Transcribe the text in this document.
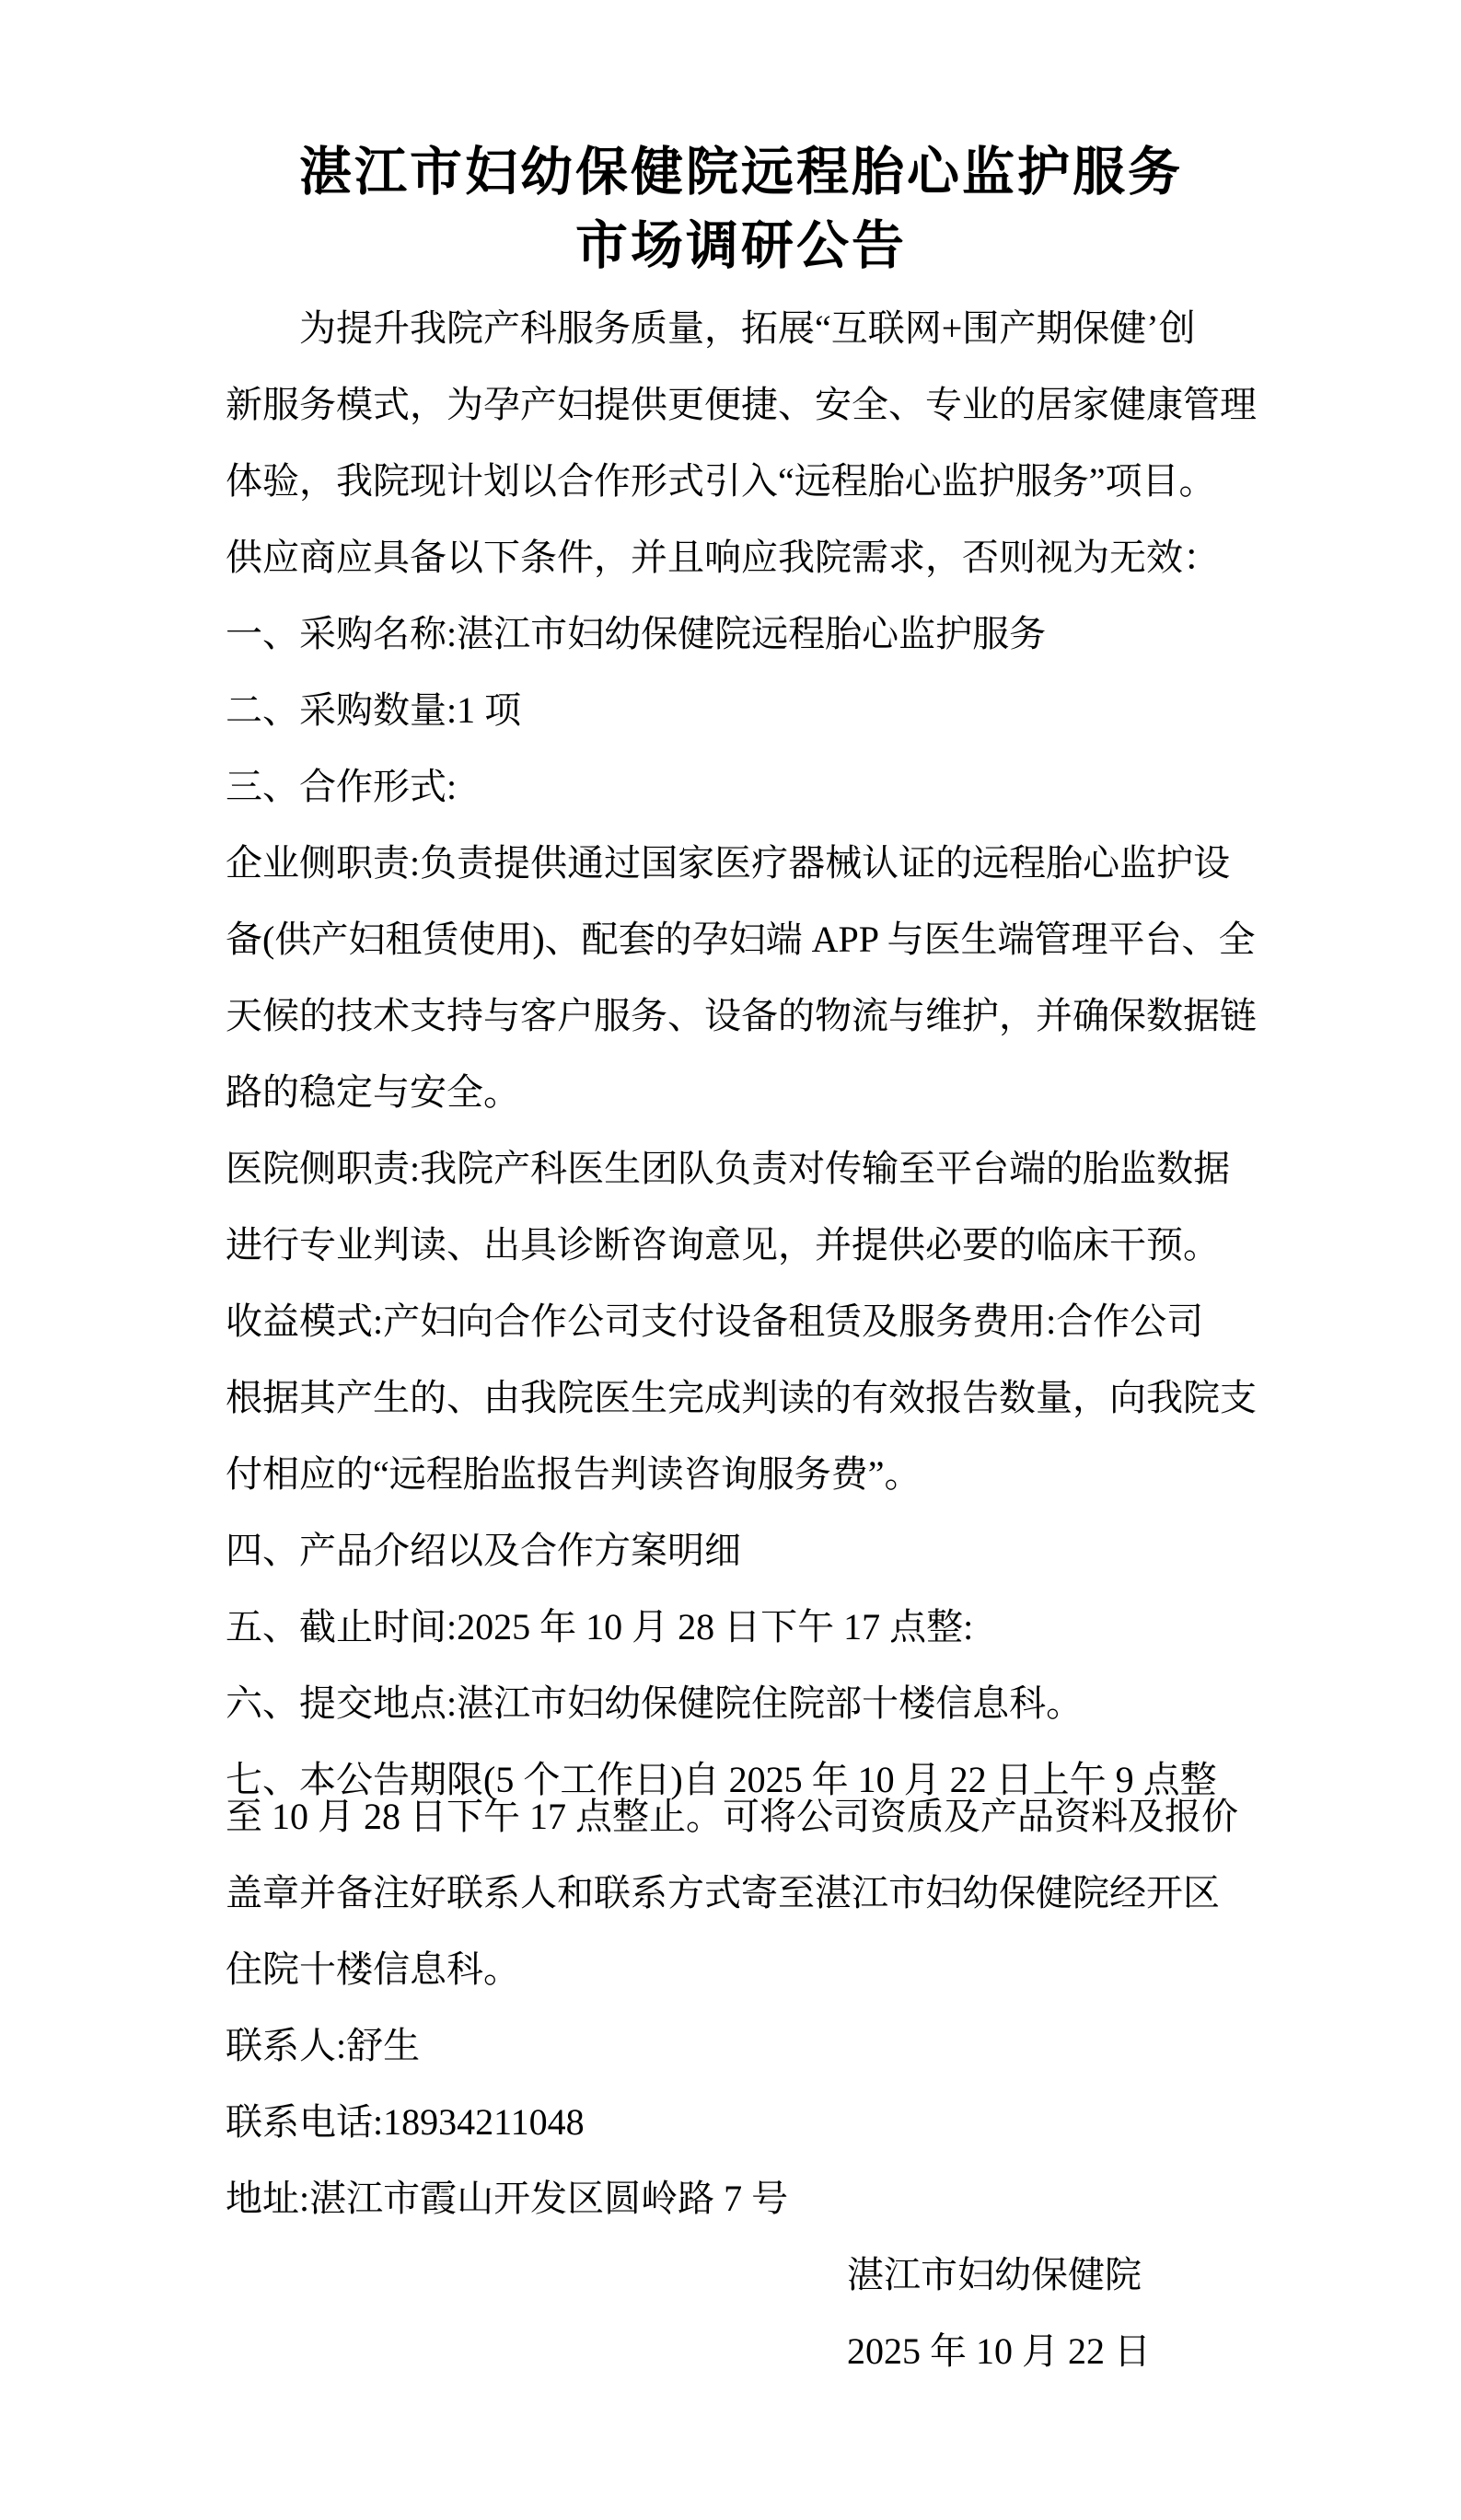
湛江市妇幼保健院远程胎心监护服务
市场调研公告
为提升我院产科服务质量，拓展“互联网+围产期保健’创
新服务模式，为孕产妇提供更便捷、安全、专业的居家健康管理
体验，我院现计划以合作形式引入“远程胎心监护服务”项目。
供应商应具备以下条件，并且响应我院需求，否则视为无效：
一、采购名称:湛江市妇幼保健院远程胎心监护服务
二、采购数量:1 项
三、合作形式:
企业侧职责:负责提供通过国家医疗器械认证的远程胎心监护设
备(供产妇租赁使用)、配套的孕妇端 APP 与医生端管理平台、全
天候的技术支持与客户服务、设备的物流与维护，并确保数据链
路的稳定与安全。
医院侧职责:我院产科医生团队负责对传输至平台端的胎监数据
进行专业判读、出具诊断咨询意见，并提供必要的临床干预。
收益模式:产妇向合作公司支付设备租赁及服务费用:合作公司
根据其产生的、由我院医生完成判读的有效报告数量，向我院支
付相应的“远程胎监报告判读咨询服务费”。
四、产品介绍以及合作方案明细
五、截止时间:2025 年 10 月 28 日下午 17 点整:
六、提交地点:湛江市妇幼保健院住院部十楼信息科。
七、本公告期限(5 个工作日)自 2025 年 10 月 22 日上午 9 点整
至 10 月 28 日下午 17 点整止。可将公司资质及产品资料及报价
盖章并备注好联系人和联系方式寄至湛江市妇幼保健院经开区
住院十楼信息科。
联系人:舒生
联系电话:18934211048
地址:湛江市霞山开发区圆岭路 7 号
湛江市妇幼保健院
2025 年 10 月 22 日
